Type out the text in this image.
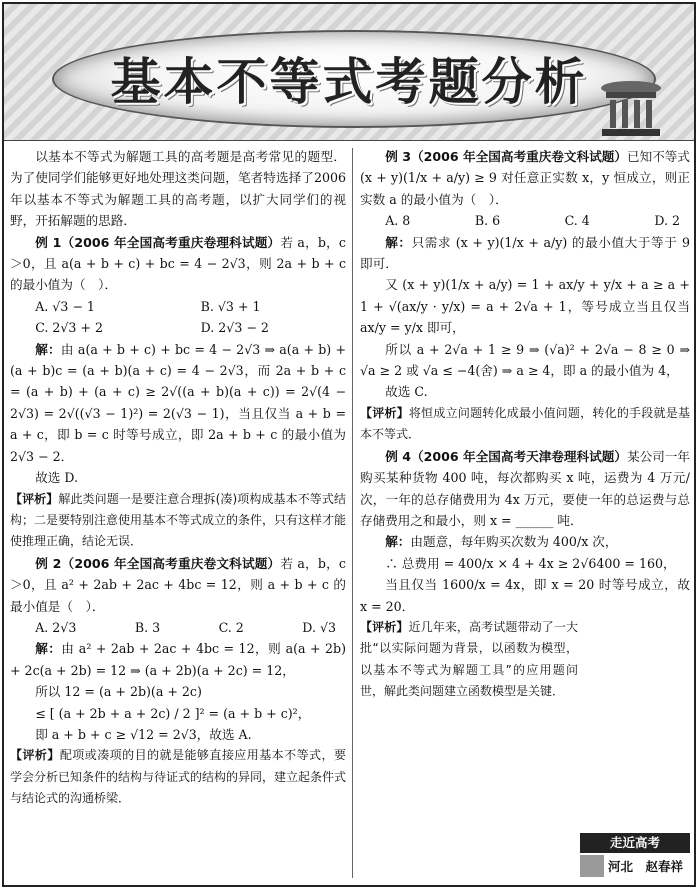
基本不等式考题分析

以基本不等式为解题工具的高考题是高考常见的题型．为了使同学们能够更好地处理这类问题，笔者特选择了2006年以基本不等式为解题工具的高考题，以扩大同学们的视野，开拓解题的思路．

例 1（2006 年全国高考重庆卷理科试题）若 a，b，c＞0，且 a(a + b + c) + bc = 4 − 2√3，则 2a + b + c 的最小值为（　）．

A. √3 − 1	B. √3 + 1
C. 2√3 + 2	D. 2√3 − 2

解：由 a(a + b + c) + bc = 4 − 2√3 ⇒ a(a + b) + (a + b)c = (a + b)(a + c) = 4 − 2√3，而 2a + b + c = (a + b) + (a + c) ≥ 2√((a + b)(a + c)) = 2√(4 − 2√3) = 2√((√3 − 1)²) = 2(√3 − 1)，当且仅当 a + b = a + c，即 b = c 时等号成立，即 2a + b + c 的最小值为 2√3 − 2．

故选 D.

【评析】解此类问题一是要注意合理拆(凑)项构成基本不等式结构；二是要特别注意使用基本不等式成立的条件，只有这样才能使推理正确，结论无误．

例 2（2006 年全国高考重庆卷文科试题）若 a，b，c＞0，且 a² + 2ab + 2ac + 4bc = 12，则 a + b + c 的最小值是（　）．

A. 2√3	B. 3	C. 2	D. √3

解：由 a² + 2ab + 2ac + 4bc = 12，则 a(a + 2b) + 2c(a + 2b) = 12 ⇒ (a + 2b)(a + 2c) = 12，

所以 12 = (a + 2b)(a + 2c)

≤ [ (a + 2b + a + 2c) / 2 ]² = (a + b + c)²，

即 a + b + c ≥ √12 = 2√3，故选 A.

【评析】配项或凑项的目的就是能够直接应用基本不等式，要学会分析已知条件的结构与待证式的结构的异同，建立起条件式与结论式的沟通桥梁．

例 3（2006 年全国高考重庆卷文科试题）已知不等式 (x + y)(1/x + a/y) ≥ 9 对任意正实数 x，y 恒成立，则正实数 a 的最小值为（　）．

A. 8	B. 6	C. 4	D. 2

解：只需求 (x + y)(1/x + a/y) 的最小值大于等于 9 即可．

又 (x + y)(1/x + a/y) = 1 + ax/y + y/x + a ≥ a + 1 + √(ax/y · y/x) = a + 2√a + 1，等号成立当且仅当 ax/y = y/x 即可，

所以 a + 2√a + 1 ≥ 9 ⇒ (√a)² + 2√a − 8 ≥ 0 ⇒ √a ≥ 2 或 √a ≤ −4(舍) ⇒ a ≥ 4，即 a 的最小值为 4，

故选 C.

【评析】将恒成立问题转化成最小值问题，转化的手段就是基本不等式．

例 4（2006 年全国高考天津卷理科试题）某公司一年购买某种货物 400 吨，每次都购买 x 吨，运费为 4 万元/次，一年的总存储费用为 4x 万元，要使一年的总运费与总存储费用之和最小，则 x = ______ 吨．

解：由题意，每年购买次数为 400/x 次，

∴ 总费用 = 400/x × 4 + 4x ≥ 2√6400 = 160，

当且仅当 1600/x = 4x，即 x = 20 时等号成立，故 x = 20．

【评析】近几年来，高考试题带动了一大批“以实际问题为背景，以函数为模型，以基本不等式为解题工具”的应用题问世，解此类问题建立函数模型是关键．

走近高考
河北　赵春祥
